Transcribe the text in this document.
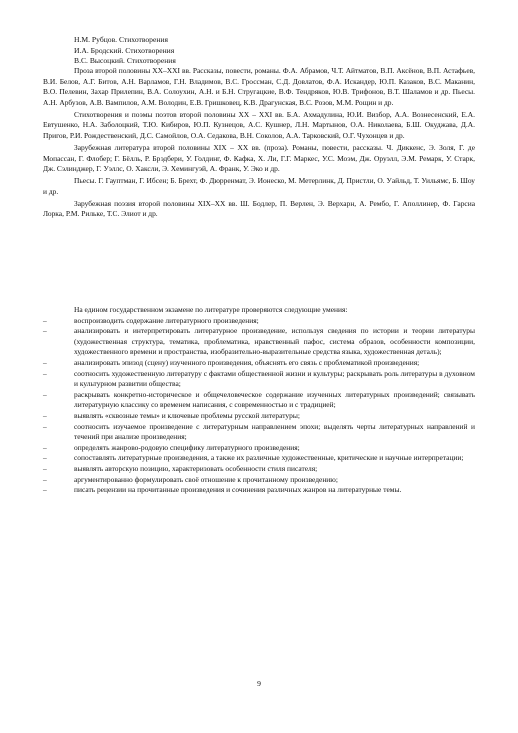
Н.М. Рубцов. Стихотворения
И.А. Бродский. Стихотворения
В.С. Высоцкий. Стихотворения

Проза второй половины XX–XXI вв. Рассказы, повести, романы. Ф.А. Абрамов, Ч.Т. Айтматов, В.П. Аксёнов, В.П. Астафьев, В.И. Белов, А.Г. Битов, А.Н. Варламов, Г.Н. Владимов, В.С. Гроссман, С.Д. Довлатов, Ф.А. Искандер, Ю.П. Казаков, В.С. Маканин, В.О. Пелевин, Захар Прилепин, В.А. Солоухин, А.Н. и Б.Н. Стругацкие, В.Ф. Тендряков, Ю.В. Трифонов, В.Т. Шаламов и др. Пьесы. А.Н. Арбузов, А.В. Вампилов, А.М. Володин, Е.В. Гришковец, К.В. Драгунская, В.С. Розов, М.М. Рощин и др.

Стихотворения и поэмы поэтов второй половины XX – XXI вв. Б.А. Ахмадулина, Ю.И. Визбор, А.А. Вознесенский, Е.А. Евтушенко, Н.А. Заболоцкий, Т.Ю. Кибиров, Ю.П. Кузнецов, А.С. Кушнер, Л.Н. Мартынов, О.А. Николаева, Б.Ш. Окуджава, Д.А. Пригов, Р.И. Рождественский, Д.С. Самойлов, О.А. Седакова, В.Н. Соколов, А.А. Тарковский, О.Г. Чухонцев и др.

Зарубежная литература второй половины XIX – XX вв. (проза). Романы, повести, рассказы. Ч. Диккенс, Э. Золя, Г. де Мопассан, Г. Флобер; Г. Бёлль, Р. Брэдбери, У. Голдинг, Ф. Кафка, Х. Ли, Г.Г. Маркес, У.С. Моэм, Дж. Оруэлл, Э.М. Ремарк, У. Старк, Дж. Сэлинджер, Г. Уэллс, О. Хаксли, Э. Хемингуэй, А. Франк, У. Эко и др.

Пьесы. Г. Гауптман, Г. Ибсен; Б. Брехт, Ф. Дюрренмат, Э. Ионеско, М. Метерлинк, Д. Пристли, О. Уайльд, Т. Уильямс, Б. Шоу и др.

Зарубежная поэзия второй половины XIX–XX вв. Ш. Бодлер, П. Верлен, Э. Верхарн, А. Рембо, Г. Аполлинер, Ф. Гарсиа Лорка, Р.М. Рильке, Т.С. Элиот и др.

На едином государственном экзамене по литературе проверяются следующие умения:

–	воспроизводить содержание литературного произведения;
–	анализировать и интерпретировать литературное произведение, используя сведения по истории и теории литературы (художественная структура, тематика, проблематика, нравственный пафос, система образов, особенности композиции, художественного времени и пространства, изобразительно-выразительные средства языка, художественная деталь);
–	анализировать эпизод (сцену) изученного произведения, объяснять его связь с проблематикой произведения;
–	соотносить художественную литературу с фактами общественной жизни и культуры; раскрывать роль литературы в духовном и культурном развитии общества;
–	раскрывать конкретно-историческое и общечеловеческое содержание изученных литературных произведений; связывать литературную классику со временем написания, с современностью и с традицией;
–	выявлять «сквозные темы» и ключевые проблемы русской литературы;
–	соотносить изучаемое произведение с литературным направлением эпохи; выделять черты литературных направлений и течений при анализе произведения;
–	определять жанрово-родовую специфику литературного произведения;
–	сопоставлять литературные произведения, а также их различные художественные, критические и научные интерпретации;
–	выявлять авторскую позицию, характеризовать особенности стиля писателя;
–	аргументированно формулировать своё отношение к прочитанному произведению;
–	писать рецензии на прочитанные произведения и сочинения различных жанров на литературные темы.
9
